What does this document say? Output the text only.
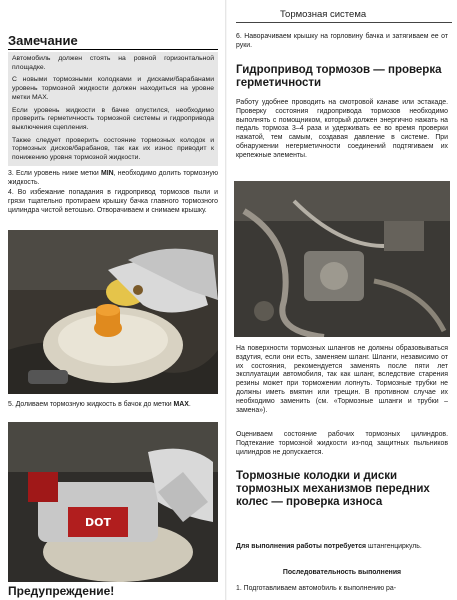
Тормозная система
Замечание

Автомобиль должен стоять на ровной горизонтальной площадке.

С новыми тормозными колодками и дисками/барабанами уровень тормозной жидкости должен находиться на уровне метки MAX.

Если уровень жидкости в бачке опустился, необходимо проверить герметичность тормозной системы и гидропривода выключения сцепления.

Также следует проверить состояние тормозных колодок и тормозных дисков/барабанов, так как их износ приводит к понижению уровня тормозной жидкости.

3. Если уровень ниже метки MIN, необходимо долить тормозную жидкость.
4. Во избежание попадания в гидропривод тормозов пыли и грязи тщательно протираем крышку бачка главного тормозного цилиндра чистой ветошью. Отворачиваем и снимаем крышку.
5. Доливаем тормозную жидкость в бачок до метки MAX.
DOT
Предупреждение!
6. Наворачиваем крышку на горловину бачка и затягиваем ее от руки.
Гидропривод тормозов — проверка герметичности
Работу удобнее проводить на смотровой канаве или эстакаде. Проверку состояния гидропривода тормозов необходимо выполнять с помощником, который должен энергично нажать на педаль тормоза 3–4 раза и удерживать ее во время проверки нажатой, тем самым, создавая давление в системе. При обнаружении негерметичности соединений подтягиваем их крепежные элементы.
На поверхности тормозных шлангов не должны образовываться вздутия, если они есть, заменяем шланг. Шланги, независимо от их состояния, рекомендуется заменять после пяти лет эксплуатации автомобиля, так как шланг, вследствие старения резины может при торможении лопнуть. Тормозные трубки не должны иметь вмятин или трещин. В противном случае их необходимо заменить (см. «Тормозные шланги и трубки – замена»).
Оцениваем состояние рабочих тормозных цилиндров. Подтекание тормозной жидкости из-под защитных пыльников цилиндров не допускается.
Тормозные колодки и диски тормозных механизмов передних колес — проверка износа
Для выполнения работы потребуется штангенциркуль.
Последовательность выполнения
1. Подготавливаем автомобиль к выполнению ра-
